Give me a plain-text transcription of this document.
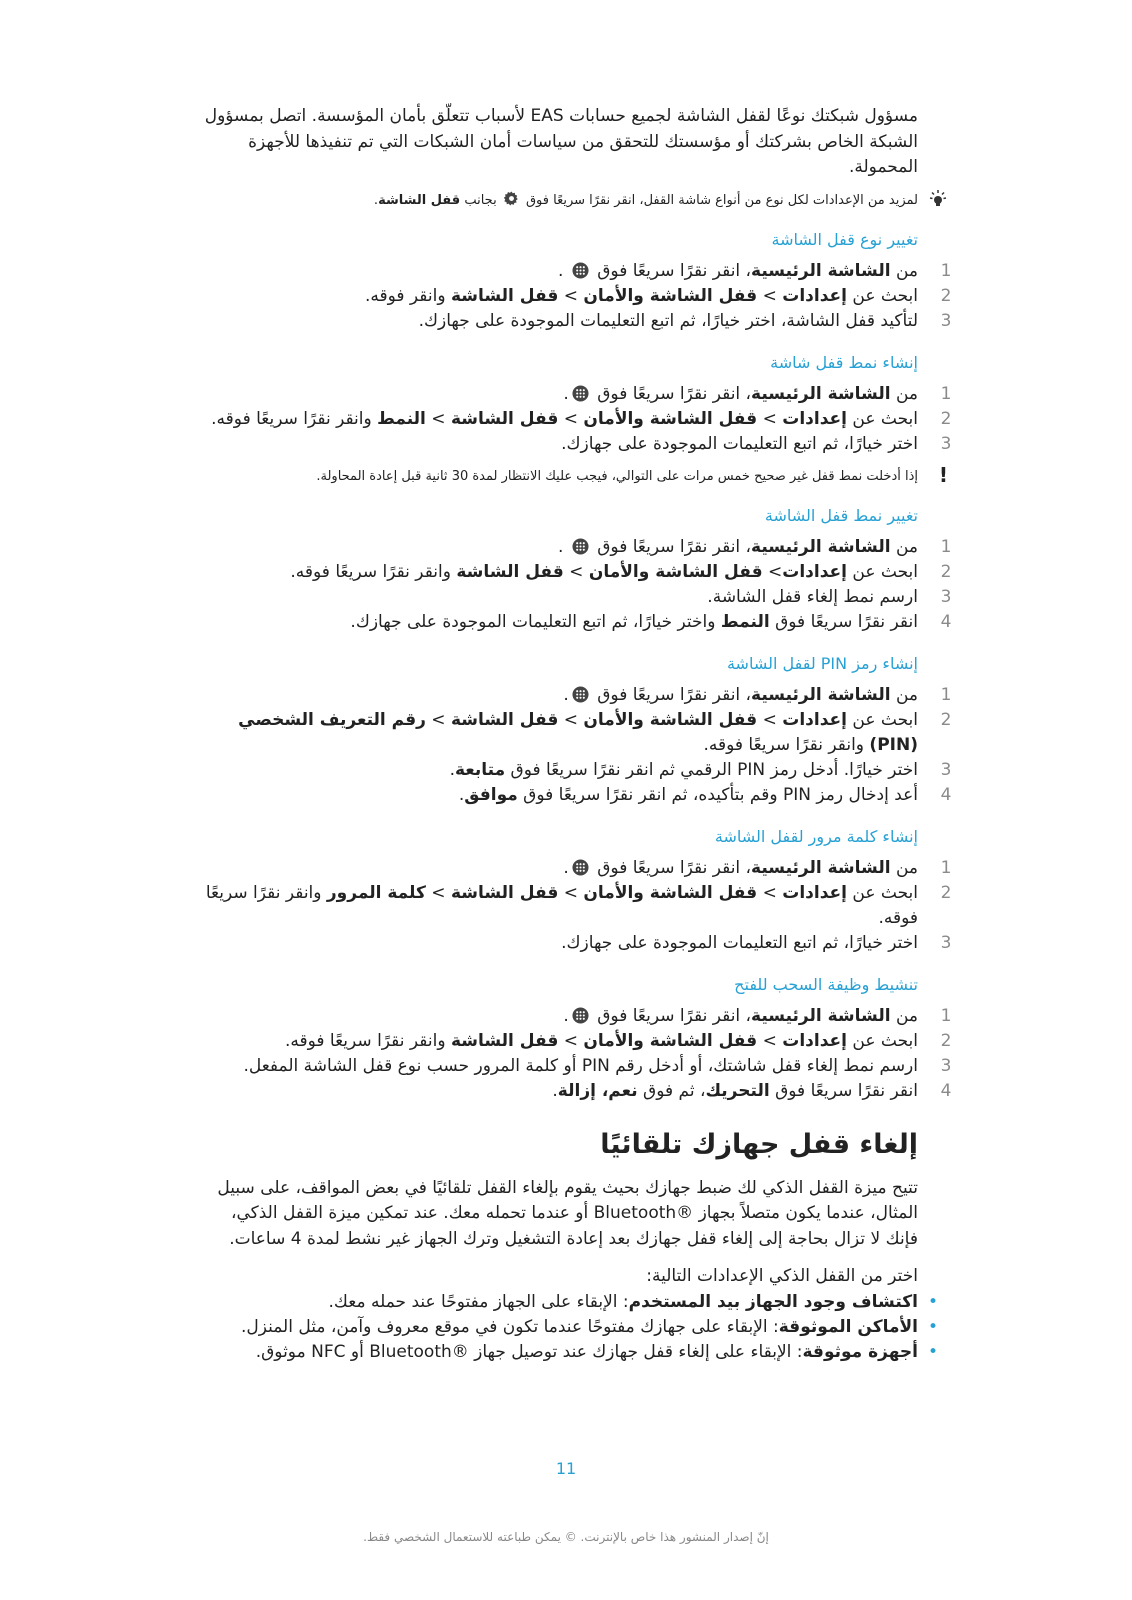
مسؤول شبكتك نوعًا لقفل الشاشة لجميع حسابات EAS لأسباب تتعلّق بأمان المؤسسة. اتصل بمسؤول الشبكة الخاص بشركتك أو مؤسستك للتحقق من سياسات أمان الشبكات التي تم تنفيذها للأجهزة المحمولة.

لمزيد من الإعدادات لكل نوع من أنواع شاشة القفل، انقر نقرًا سريعًا فوق  بجانب قفل الشاشة.
تغيير نوع قفل الشاشة
1
من الشاشة الرئيسية، انقر نقرًا سريعًا فوق  .
2
ابحث عن إعدادات > قفل الشاشة والأمان > قفل الشاشة وانقر فوقه.
3
لتأكيد قفل الشاشة، اختر خيارًا، ثم اتبع التعليمات الموجودة على جهازك.
إنشاء نمط قفل شاشة
1
من الشاشة الرئيسية، انقر نقرًا سريعًا فوق .
2
ابحث عن إعدادات > قفل الشاشة والأمان > قفل الشاشة > النمط وانقر نقرًا سريعًا فوقه.
3
اختر خيارًا، ثم اتبع التعليمات الموجودة على جهازك.
!
إذا أدخلت نمط قفل غير صحيح خمس مرات على التوالي، فيجب عليك الانتظار لمدة 30 ثانية قبل إعادة المحاولة.
تغيير نمط قفل الشاشة
1
من الشاشة الرئيسية، انقر نقرًا سريعًا فوق  .
2
ابحث عن إعدادات> قفل الشاشة والأمان > قفل الشاشة وانقر نقرًا سريعًا فوقه.
3
ارسم نمط إلغاء قفل الشاشة.
4
انقر نقرًا سريعًا فوق النمط واختر خيارًا، ثم اتبع التعليمات الموجودة على جهازك.
إنشاء رمز PIN لقفل الشاشة
1
من الشاشة الرئيسية، انقر نقرًا سريعًا فوق .
2
ابحث عن إعدادات > قفل الشاشة والأمان > قفل الشاشة > رقم التعريف الشخصي (PIN) وانقر نقرًا سريعًا فوقه.
3
اختر خيارًا. أدخل رمز PIN الرقمي ثم انقر نقرًا سريعًا فوق متابعة.
4
أعد إدخال رمز PIN وقم بتأكيده، ثم انقر نقرًا سريعًا فوق موافق.
إنشاء كلمة مرور لقفل الشاشة
1
من الشاشة الرئيسية، انقر نقرًا سريعًا فوق .
2
ابحث عن إعدادات > قفل الشاشة والأمان > قفل الشاشة > كلمة المرور وانقر نقرًا سريعًا فوقه.
3
اختر خيارًا، ثم اتبع التعليمات الموجودة على جهازك.
تنشيط وظيفة السحب للفتح
1
من الشاشة الرئيسية، انقر نقرًا سريعًا فوق .
2
ابحث عن إعدادات > قفل الشاشة والأمان > قفل الشاشة وانقر نقرًا سريعًا فوقه.
3
ارسم نمط إلغاء قفل شاشتك، أو أدخل رقم PIN أو كلمة المرور حسب نوع قفل الشاشة المفعل.
4
انقر نقرًا سريعًا فوق التحريك، ثم فوق نعم، إزالة.
إلغاء قفل جهازك تلقائيًا

تتيح ميزة القفل الذكي لك ضبط جهازك بحيث يقوم بإلغاء القفل تلقائيًا في بعض المواقف، على سبيل المثال، عندما يكون متصلاً بجهاز ®Bluetooth أو عندما تحمله معك. عند تمكين ميزة القفل الذكي، فإنك لا تزال بحاجة إلى إلغاء قفل جهازك بعد إعادة التشغيل وترك الجهاز غير نشط لمدة 4 ساعات.

اختر من القفل الذكي الإعدادات التالية:

•
اكتشاف وجود الجهاز بيد المستخدم: الإبقاء على الجهاز مفتوحًا عند حمله معك.
•
الأماكن الموثوقة: الإبقاء على جهازك مفتوحًا عندما تكون في موقع معروف وآمن، مثل المنزل.
•
أجهزة موثوقة: الإبقاء على إلغاء قفل جهازك عند توصيل جهاز ®Bluetooth أو NFC موثوق.
11
إنّ إصدار المنشور هذا خاص بالإنترنت. © يمكن طباعته للاستعمال الشخصي فقط.
